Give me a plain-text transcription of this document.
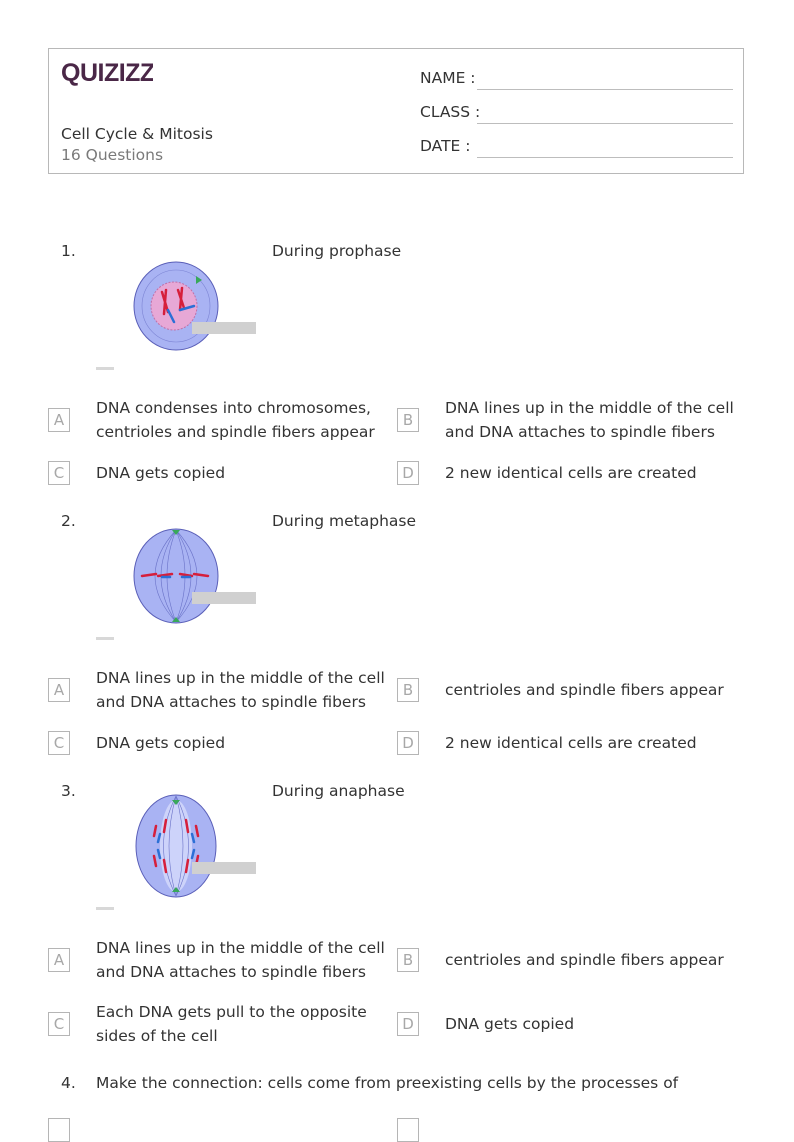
QUIZIZZ
Cell Cycle & Mitosis
16 Questions
NAME :
CLASS :
DATE :
1.	During prophase
A
DNA condenses into chromosomes, centrioles and spindle fibers appear
B
DNA lines up in the middle of the cell and DNA attaches to spindle fibers
C	DNA gets copied	D	2 new identical cells are created
2.	During metaphase
A
DNA lines up in the middle of the cell and DNA attaches to spindle fibers
B	centrioles and spindle fibers appear
C	DNA gets copied	D	2 new identical cells are created
3.	During anaphase
A
DNA lines up in the middle of the cell and DNA attaches to spindle fibers
B	centrioles and spindle fibers appear
C
Each DNA gets pull to the opposite sides of the cell
D	DNA gets copied
4. Make the connection: cells come from preexisting cells by the processes of
